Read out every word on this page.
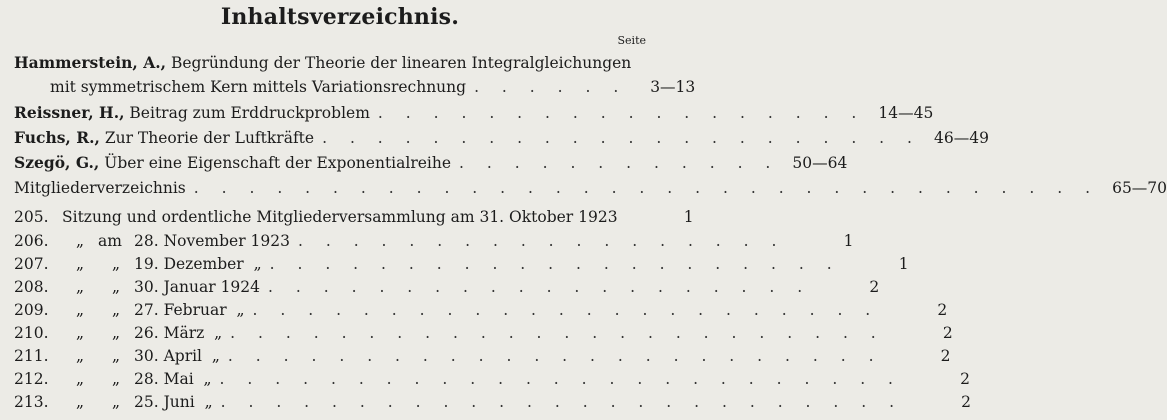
Inhaltsverzeichnis.
Seite
Hammerstein, A., Begründung der Theorie der linearen Integralgleichungen
mit symmetrischem Kern mittels Variationsrechnung . . . . . .	3—13
Reissner, H., Beitrag zum Erddruckproblem . . . . . . . . . . . . . . . . . . 14—45
Fuchs, R., Zur Theorie der Luftkräfte . . . . . . . . . . . . . . . . . . . . . . 46—49
Szegö, G., Über eine Eigenschaft der Exponentialreihe . . . . . . . . . . . . 50—64
Mitgliederverzeichnis . . . . . . . . . . . . . . . . . . . . . . . . . . . . . . . . . 65—70
205. Sitzung und ordentliche Mitgliederversammlung am 31. Oktober 1923	1
206. „ am 28. November 1923 . . . . . . . . . . . . . . . . . .	1
207. „ „ 19. Dezember „ . . . . . . . . . . . . . . . . . . . . .	1
208. „ „ 30. Januar 1924 . . . . . . . . . . . . . . . . . . . .	2
209. „ „ 27. Februar „ . . . . . . . . . . . . . . . . . . . . . . .	2
210. „ „ 26. März „ . . . . . . . . . . . . . . . . . . . . . . . .	2
211. „ „ 30. April „ . . . . . . . . . . . . . . . . . . . . . . . .	2
212. „ „ 28. Mai „ . . . . . . . . . . . . . . . . . . . . . . . . .	2
213. „ „ 25. Juni „ . . . . . . . . . . . . . . . . . . . . . . . . .	2
